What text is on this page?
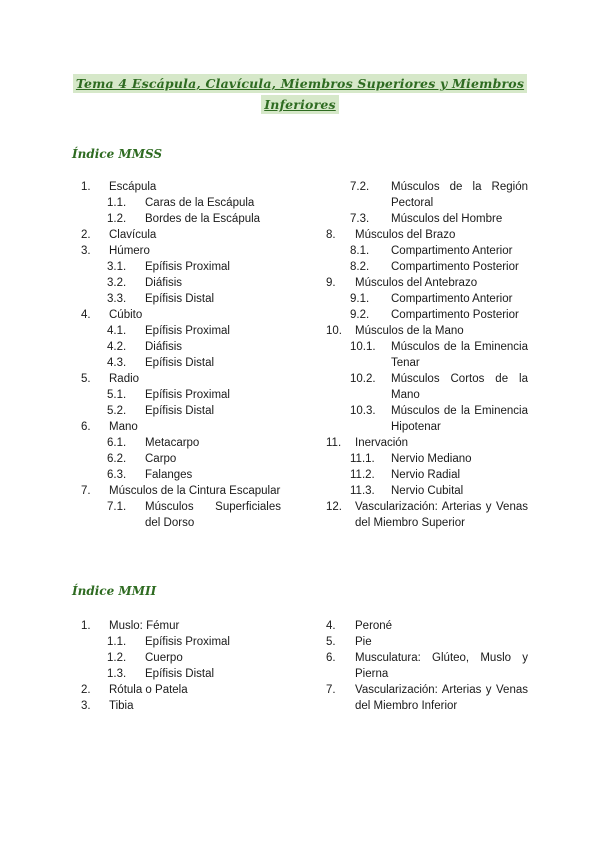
Tema 4 Escápula, Clavícula, Miembros Superiores y Miembros
Inferiores
Índice MMSS
1. Escápula
1.1. Caras de la Escápula
1.2. Bordes de la Escápula
2. Clavícula
3. Húmero
3.1. Epífisis Proximal
3.2. Diáfisis
3.3. Epífisis Distal
4. Cúbito
4.1. Epífisis Proximal
4.2. Diáfisis
4.3. Epífisis Distal
5. Radio
5.1. Epífisis Proximal
5.2. Epífisis Distal
6. Mano
6.1. Metacarpo
6.2. Carpo
6.3. Falanges
7. Músculos de la Cintura Escapular
7.1. Músculos Superficiales del Dorso
7.2. Músculos de la Región Pectoral
7.3. Músculos del Hombre
8. Músculos del Brazo
8.1. Compartimento Anterior
8.2. Compartimento Posterior
9. Músculos del Antebrazo
9.1. Compartimento Anterior
9.2. Compartimento Posterior
10. Músculos de la Mano
10.1. Músculos de la Eminencia Tenar
10.2. Músculos Cortos de la Mano
10.3. Músculos de la Eminencia Hipotenar
11. Inervación
11.1. Nervio Mediano
11.2. Nervio Radial
11.3. Nervio Cubital
12. Vascularización: Arterias y Venas del Miembro Superior
Índice MMII
1. Muslo: Fémur
1.1. Epífisis Proximal
1.2. Cuerpo
1.3. Epífisis Distal
2. Rótula o Patela
3. Tibia
4. Peroné
5. Pie
6. Musculatura: Glúteo, Muslo y Pierna
7. Vascularización: Arterias y Venas del Miembro Inferior
